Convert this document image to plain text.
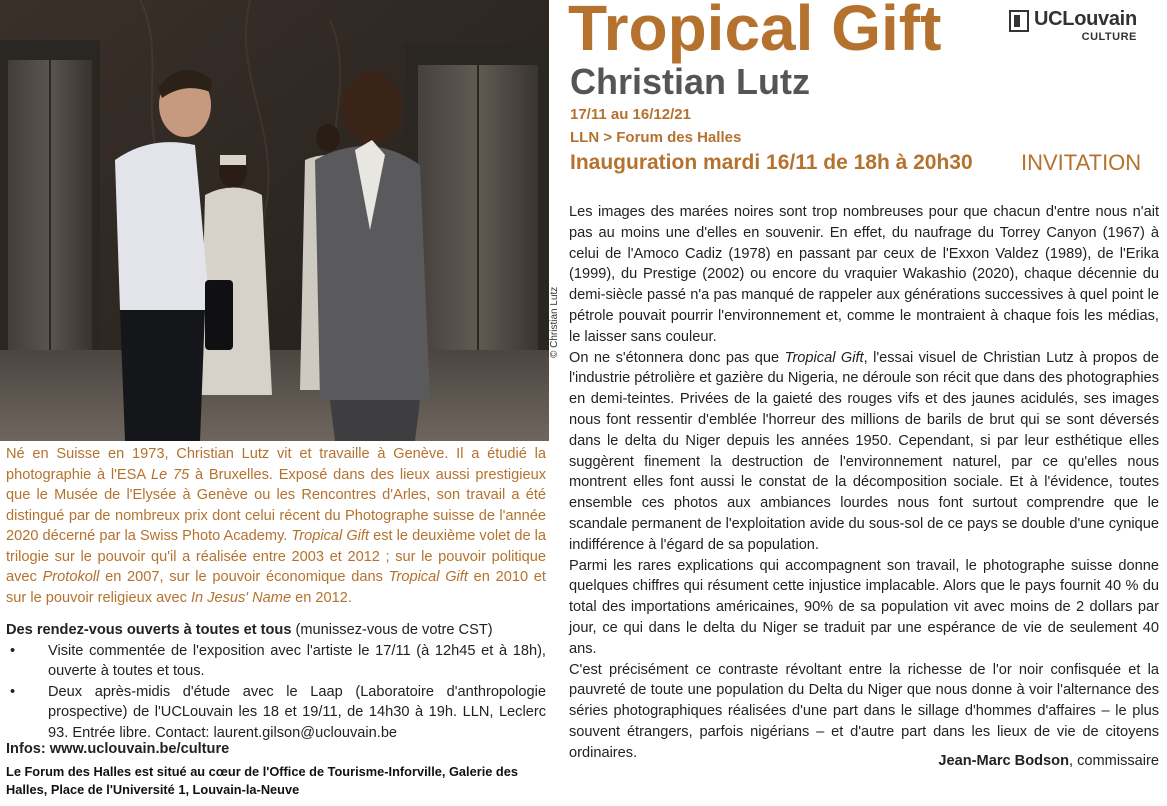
© Christian Lutz
Né en Suisse en 1973, Christian Lutz vit et travaille à Genève. Il a étudié la photographie à l'ESA Le 75 à Bruxelles. Exposé dans des lieux aussi prestigieux que le Musée de l'Elysée à Genève ou les Rencontres d'Arles, son travail a été distingué par de nombreux prix dont celui récent du Photographe suisse de l'année 2020 décerné par la Swiss Photo Academy. Tropical Gift est le deuxième volet de la trilogie sur le pouvoir qu'il a réalisée entre 2003 et 2012 ; sur le pouvoir politique avec Protokoll en 2007, sur le pouvoir économique dans Tropical Gift en 2010 et sur le pouvoir religieux avec In Jesus' Name en 2012.
Des rendez-vous ouverts à toutes et tous (munissez-vous de votre CST)
• Visite commentée de l'exposition avec l'artiste le 17/11 (à 12h45 et à 18h), ouverte à toutes et tous.
• Deux après-midis d'étude avec le Laap (Laboratoire d'anthropologie prospective) de l'UCLouvain les 18 et 19/11, de 14h30 à 19h. LLN, Leclerc 93. Entrée libre. Contact: laurent.gilson@uclouvain.be
Infos: www.uclouvain.be/culture
Le Forum des Halles est situé au cœur de l'Office de Tourisme-Inforville, Galerie des Halles, Place de l'Université 1, Louvain-la-Neuve
Tropical Gift
Christian Lutz
17/11 au 16/12/21
LLN > Forum des Halles
Inauguration mardi 16/11 de 18h à 20h30 INVITATION
UCLouvain
CULTURE

Les images des marées noires sont trop nombreuses pour que chacun d'entre nous n'ait pas au moins une d'elles en souvenir. En effet, du naufrage du Torrey Canyon (1967) à celui de l'Amoco Cadiz (1978) en passant par ceux de l'Exxon Valdez (1989), de l'Erika (1999), du Prestige (2002) ou encore du vraquier Wakashio (2020), chaque décennie du demi-siècle passé n'a pas manqué de rappeler aux générations successives à quel point le pétrole pouvait pourrir l'environnement et, comme le montraient à chaque fois les médias, le laisser sans couleur.

On ne s'étonnera donc pas que Tropical Gift, l'essai visuel de Christian Lutz à propos de l'industrie pétrolière et gazière du Nigeria, ne déroule son récit que dans des photographies en demi-teintes. Privées de la gaieté des rouges vifs et des jaunes acidulés, ses images nous font ressentir d'emblée l'horreur des millions de barils de brut qui se sont déversés dans le delta du Niger depuis les années 1950. Cependant, si par leur esthétique elles suggèrent finement la destruction de l'environnement naturel, par ce qu'elles nous montrent elles font aussi le constat de la décomposition sociale. Et à l'évidence, toutes ensemble ces photos aux ambiances lourdes nous font surtout comprendre que le scandale permanent de l'exploitation avide du sous-sol de ce pays se double d'une cynique indifférence à l'égard de sa population.

Parmi les rares explications qui accompagnent son travail, le photographe suisse donne quelques chiffres qui résument cette injustice implacable. Alors que le pays fournit 40 % du total des importations américaines, 90% de sa population vit avec moins de 2 dollars par jour, ce qui dans le delta du Niger se traduit par une espérance de vie de seulement 40 ans.

C'est précisément ce contraste révoltant entre la richesse de l'or noir confisquée et la pauvreté de toute une population du Delta du Niger que nous donne à voir l'alternance des séries photographiques réalisées d'une part dans le sillage d'hommes d'affaires – le plus souvent étrangers, parfois nigérians – et d'autre part dans les lieux de vie de citoyens ordinaires.

Jean-Marc Bodson, commissaire
